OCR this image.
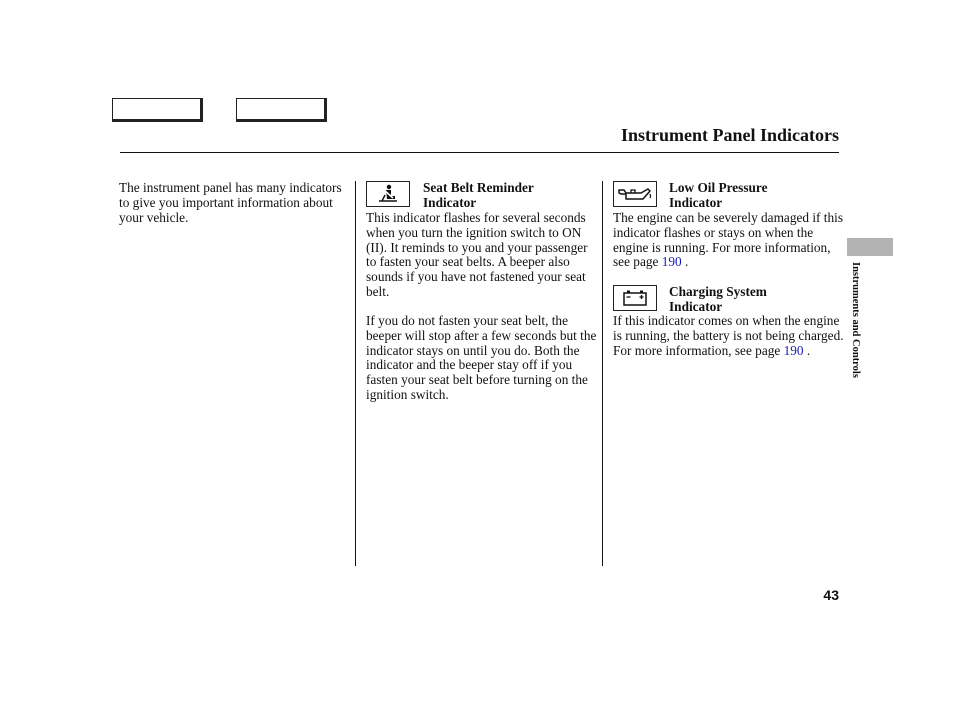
Instrument Panel Indicators

The instrument panel has many indicators to give you important information about your vehicle.

Seat Belt Reminder
Indicator

This indicator flashes for several seconds when you turn the ignition switch to ON (II). It reminds to you and your passenger to fasten your seat belts. A beeper also sounds if you have not fastened your seat belt.

If you do not fasten your seat belt, the beeper will stop after a few seconds but the indicator stays on until you do. Both the indicator and the beeper stay off if you fasten your seat belt before turning on the ignition switch.

Low Oil Pressure
Indicator

The engine can be severely damaged if this indicator flashes or stays on when the engine is running. For more information, see page 190 .

Charging System
Indicator

If this indicator comes on when the engine is running, the battery is not being charged. For more information, see page 190 .	Instruments and Controls
43
